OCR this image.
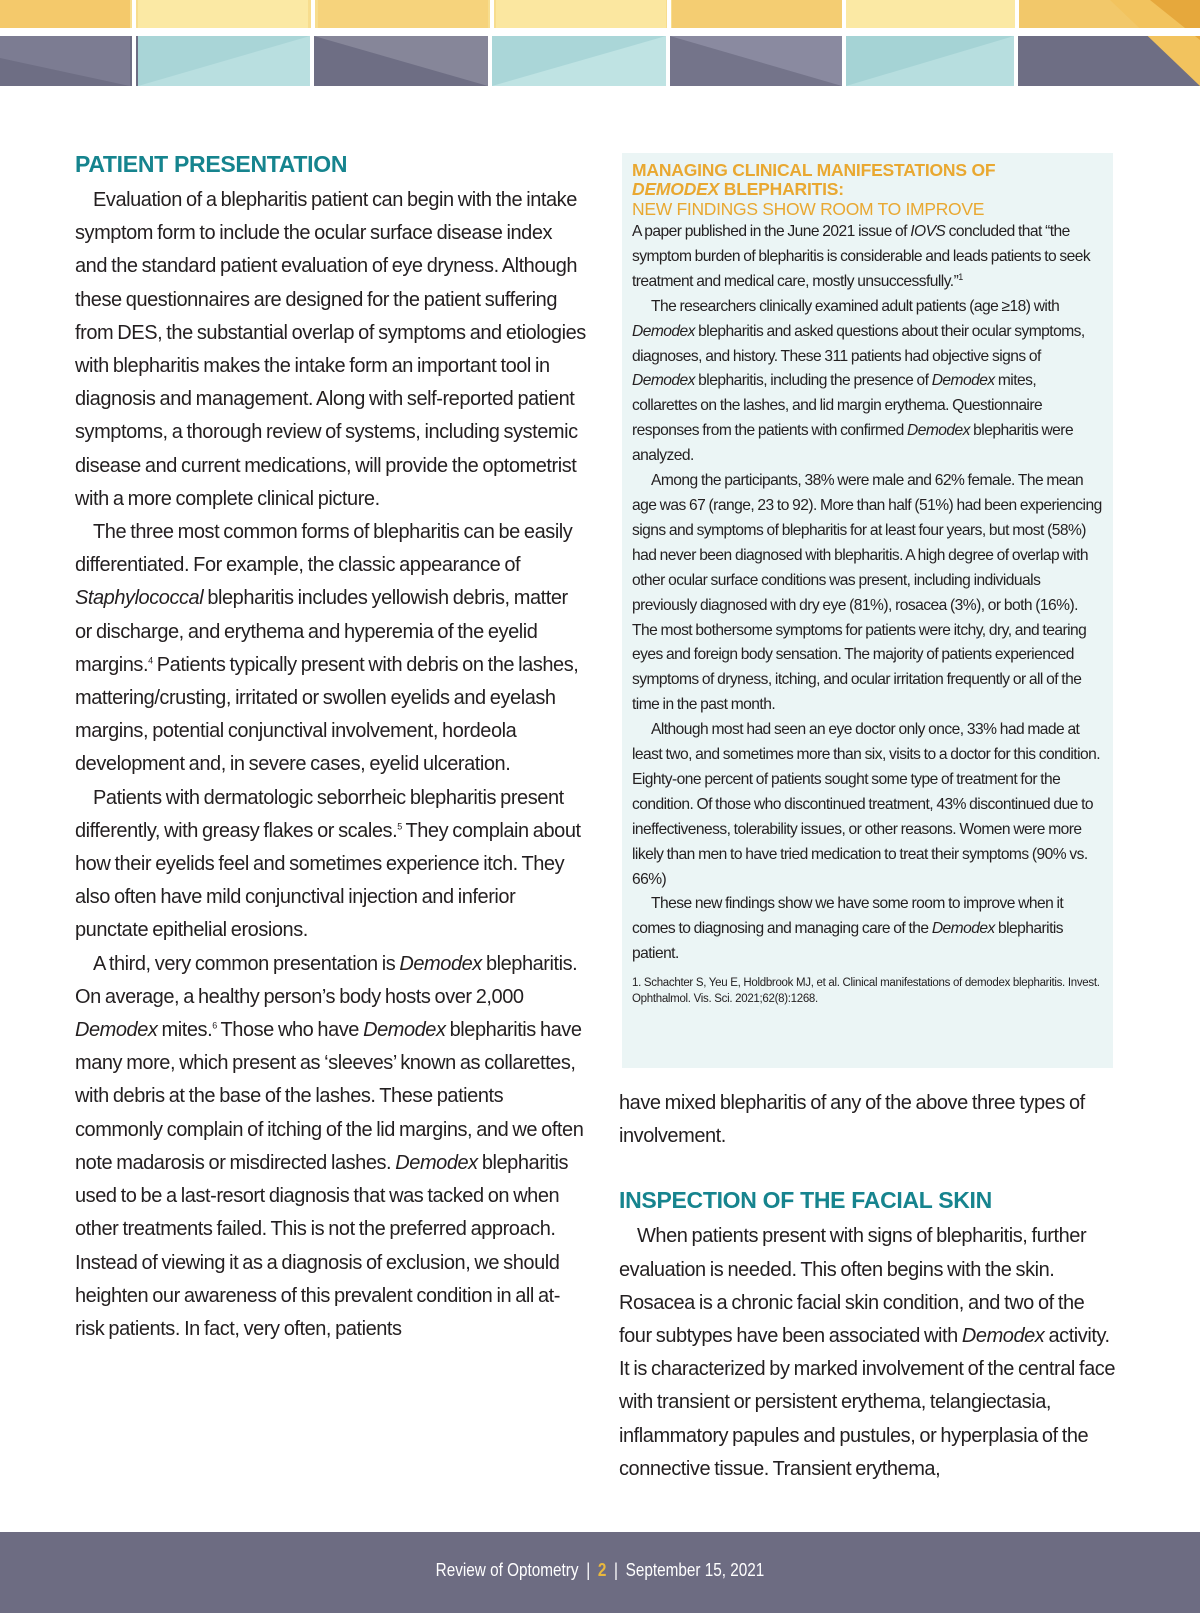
PATIENT PRESENTATION

Evaluation of a blepharitis patient can begin with the intake symptom form to include the ocular surface disease index and the standard patient evaluation of eye dryness. Although these questionnaires are designed for the patient suffering from DES, the substantial overlap of symptoms and etiologies with blepharitis makes the intake form an important tool in diagnosis and management. Along with self-reported patient symptoms, a thorough review of systems, including systemic disease and current medications, will provide the optometrist with a more complete clinical picture.

The three most common forms of blepharitis can be easily differentiated. For example, the classic appearance of Staphylococcal blepharitis includes yellowish debris, matter or discharge, and erythema and hyperemia of the eyelid margins.$^4$ Patients typically present with debris on the lashes, mattering/crusting, irritated or swollen eyelids and eyelash margins, potential conjunctival involvement, hordeola development and, in severe cases, eyelid ulceration.

Patients with dermatologic seborrheic blepharitis present differently, with greasy flakes or scales.$^5$ They complain about how their eyelids feel and sometimes experience itch. They also often have mild conjunctival injection and inferior punctate epithelial erosions.

A third, very common presentation is Demodex blepharitis. On average, a healthy person’s body hosts over 2,000 Demodex mites.$^6$ Those who have Demodex blepharitis have many more, which present as ‘sleeves’ known as collarettes, with debris at the base of the lashes. These patients commonly complain of itching of the lid margins, and we often note madarosis or misdirected lashes. Demodex blepharitis used to be a last-resort diagnosis that was tacked on when other treatments failed. This is not the preferred approach. Instead of viewing it as a diagnosis of exclusion, we should heighten our awareness of this prevalent condition in all at-risk patients. In fact, very often, patients

MANAGING CLINICAL MANIFESTATIONS OF
DEMODEX BLEPHARITIS:
NEW FINDINGS SHOW ROOM TO IMPROVE

A paper published in the June 2021 issue of IOVS concluded that “the symptom burden of blepharitis is considerable and leads patients to seek treatment and medical care, mostly unsuccessfully.”$^1$

The researchers clinically examined adult patients (age ≥18) with Demodex blepharitis and asked questions about their ocular symptoms, diagnoses, and history. These 311 patients had objective signs of Demodex blepharitis, including the presence of Demodex mites, collarettes on the lashes, and lid margin erythema. Questionnaire responses from the patients with confirmed Demodex blepharitis were analyzed.

Among the participants, 38% were male and 62% female. The mean age was 67 (range, 23 to 92). More than half (51%) had been experiencing signs and symptoms of blepharitis for at least four years, but most (58%) had never been diagnosed with blepharitis. A high degree of overlap with other ocular surface conditions was present, including individuals previously diagnosed with dry eye (81%), rosacea (3%), or both (16%). The most bothersome symptoms for patients were itchy, dry, and tearing eyes and foreign body sensation. The majority of patients experienced symptoms of dryness, itching, and ocular irritation frequently or all of the time in the past month.

Although most had seen an eye doctor only once, 33% had made at least two, and sometimes more than six, visits to a doctor for this condition. Eighty-one percent of patients sought some type of treatment for the condition. Of those who discontinued treatment, 43% discontinued due to ineffectiveness, tolerability issues, or other reasons. Women were more likely than men to have tried medication to treat their symptoms (90% vs. 66%)

These new findings show we have some room to improve when it comes to diagnosing and managing care of the Demodex blepharitis patient.

1. Schachter S, Yeu E, Holdbrook MJ, et al. Clinical manifestations of demodex blepharitis. Invest. Ophthalmol. Vis. Sci. 2021;62(8):1268.

have mixed blepharitis of any of the above three types of involvement.

INSPECTION OF THE FACIAL SKIN

When patients present with signs of blepharitis, further evaluation is needed. This often begins with the skin. Rosacea is a chronic facial skin condition, and two of the four subtypes have been associated with Demodex activity. It is characterized by marked involvement of the central face with transient or persistent erythema, telangiectasia, inflammatory papules and pustules, or hyperplasia of the connective tissue. Transient erythema,

Review of Optometry | 2 | September 15, 2021
